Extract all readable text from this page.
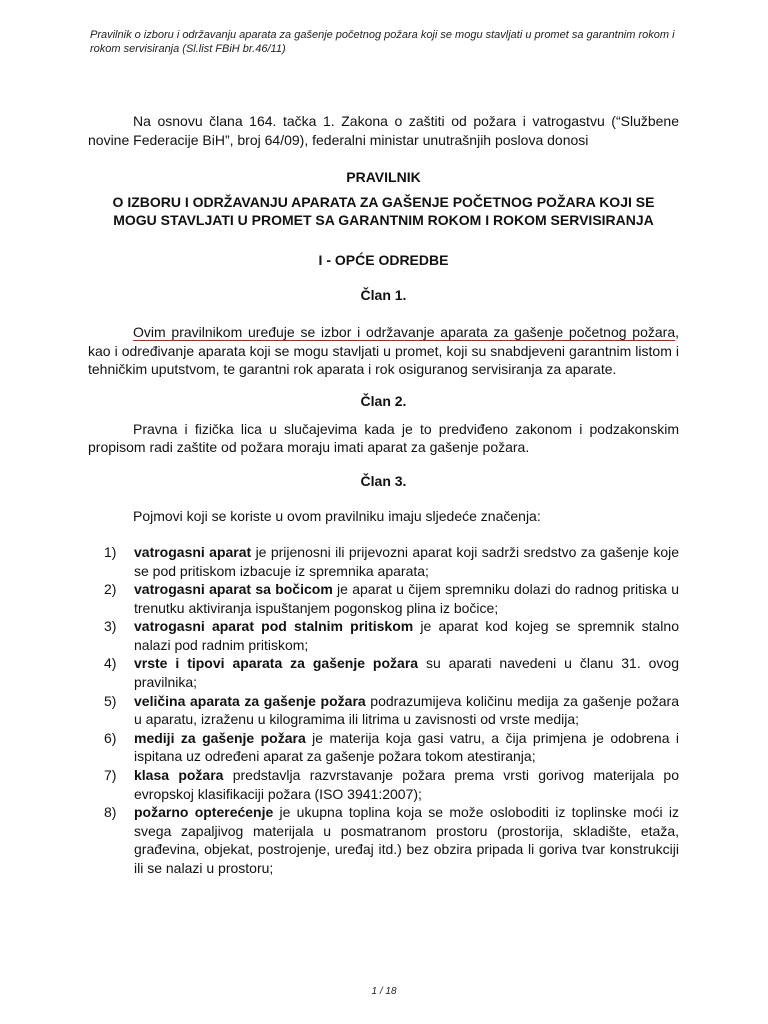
Pravilnik o izboru i održavanju aparata za gašenje početnog požara koji se mogu stavljati u promet sa garantnim rokom i rokom servisiranja (Sl.list FBiH br.46/11)

Na osnovu člana 164. tačka 1. Zakona o zaštiti od požara i vatrogastvu (“Službene novine Federacije BiH”, broj 64/09), federalni ministar unutrašnjih poslova donosi

PRAVILNIK

O IZBORU I ODRŽAVANJU APARATA ZA GAŠENJE POČETNOG POŽARA KOJI SE MOGU STAVLJATI U PROMET SA GARANTNIM ROKOM I ROKOM SERVISIRANJA

I - OPĆE ODREDBE

Član 1.

Ovim pravilnikom uređuje se izbor i održavanje aparata za gašenje početnog požara, kao i određivanje aparata koji se mogu stavljati u promet, koji su snabdjeveni garantnim listom i tehničkim uputstvom, te garantni rok aparata i rok osiguranog servisiranja za aparate.

Član 2.

Pravna i fizička lica u slučajevima kada je to predviđeno zakonom i podzakonskim propisom radi zaštite od požara moraju imati aparat za gašenje požara.

Član 3.

Pojmovi koji se koriste u ovom pravilniku imaju sljedeće značenja:

1) vatrogasni aparat je prijenosni ili prijevozni aparat koji sadrži sredstvo za gašenje koje se pod pritiskom izbacuje iz spremnika aparata;
2) vatrogasni aparat sa bočicom je aparat u čijem spremniku dolazi do radnog pritiska u trenutku aktiviranja ispuštanjem pogonskog plina iz bočice;
3) vatrogasni aparat pod stalnim pritiskom je aparat kod kojeg se spremnik stalno nalazi pod radnim pritiskom;
4) vrste i tipovi aparata za gašenje požara su aparati navedeni u članu 31. ovog pravilnika;
5) veličina aparata za gašenje požara podrazumijeva količinu medija za gašenje požara u aparatu, izraženu u kilogramima ili litrima u zavisnosti od vrste medija;
6) mediji za gašenje požara je materija koja gasi vatru, a čija primjena je odobrena i ispitana uz određeni aparat za gašenje požara tokom atestiranja;
7) klasa požara predstavlja razvrstavanje požara prema vrsti gorivog materijala po evropskoj klasifikaciji požara (ISO 3941:2007);
8) požarno opterećenje je ukupna toplina koja se može osloboditi iz toplinske moći iz svega zapaljivog materijala u posmatranom prostoru (prostorija, skladište, etaža, građevina, objekat, postrojenje, uređaj itd.) bez obzira pripada li goriva tvar konstrukciji ili se nalazi u prostoru;
1 / 18
